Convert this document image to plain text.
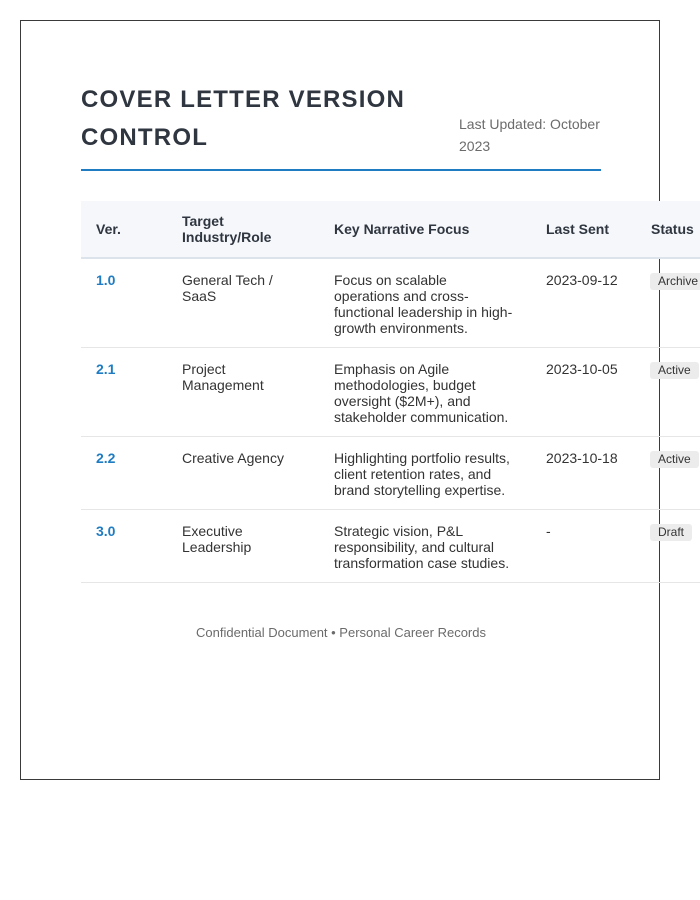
COVER LETTER VERSION CONTROL	Last Updated: October 2023
Ver.	Target Industry/Role	Key Narrative Focus	Last Sent	Status
1.0	General Tech / SaaS	Focus on scalable operations and cross-functional leadership in high-growth environments.	2023-09-12	Archive
2.1	Project Management	Emphasis on Agile methodologies, budget oversight ($2M+), and stakeholder communication.	2023-10-05	Active
2.2	Creative Agency	Highlighting portfolio results, client retention rates, and brand storytelling expertise.	2023-10-18	Active
3.0	Executive Leadership	Strategic vision, P&L responsibility, and cultural transformation case studies.	-	Draft
Confidential Document • Personal Career Records
